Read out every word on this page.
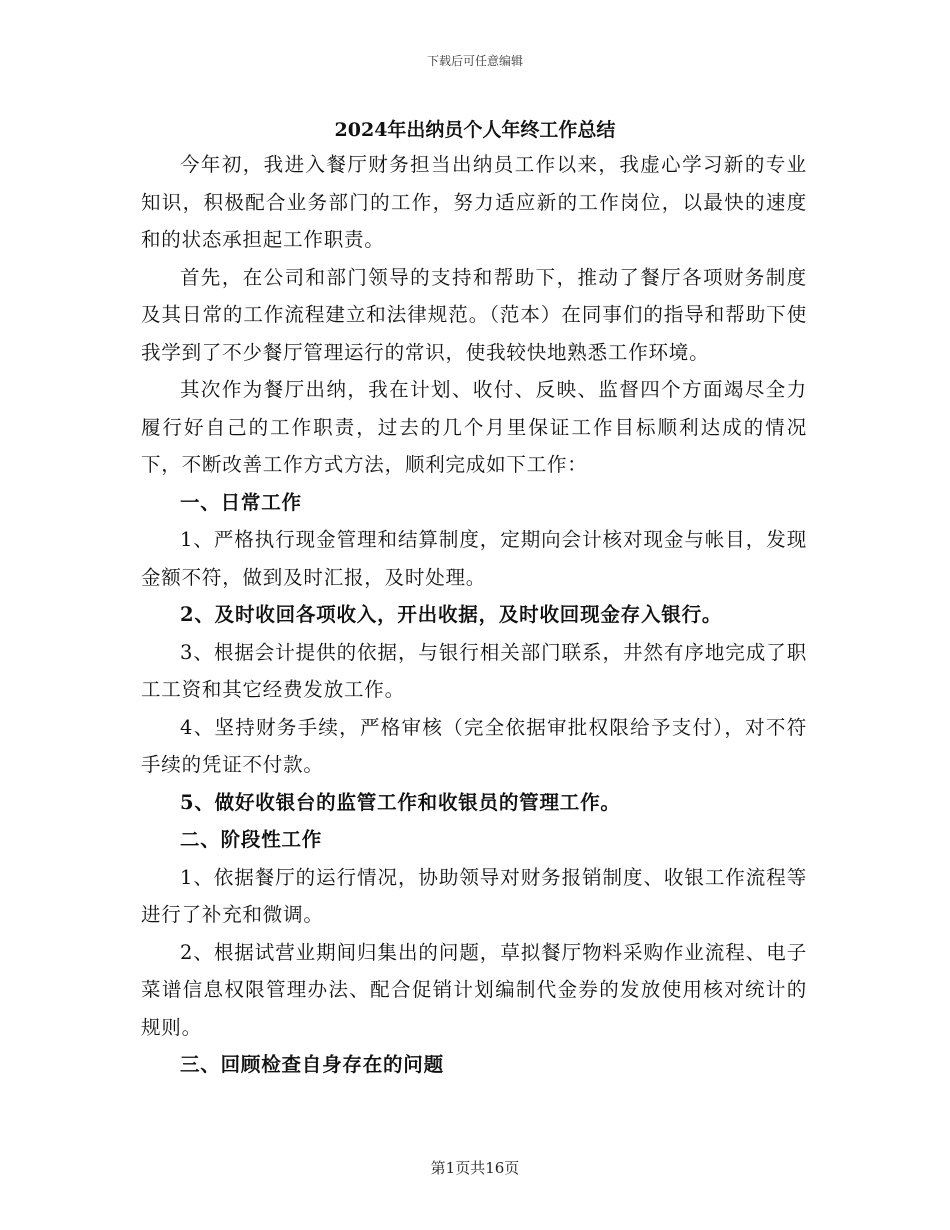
下载后可任意编辑
2024年出纳员个人年终工作总结

今年初，我进入餐厅财务担当出纳员工作以来，我虚心学习新的专业知识，积极配合业务部门的工作，努力适应新的工作岗位，以最快的速度和的状态承担起工作职责。

首先，在公司和部门领导的支持和帮助下，推动了餐厅各项财务制度及其日常的工作流程建立和法律规范。（范本）在同事们的指导和帮助下使我学到了不少餐厅管理运行的常识，使我较快地熟悉工作环境。

其次作为餐厅出纳，我在计划、收付、反映、监督四个方面竭尽全力履行好自己的工作职责，过去的几个月里保证工作目标顺利达成的情况下，不断改善工作方式方法，顺利完成如下工作：

一、日常工作

1、严格执行现金管理和结算制度，定期向会计核对现金与帐目，发现金额不符，做到及时汇报，及时处理。

2、及时收回各项收入，开出收据，及时收回现金存入银行。

3、根据会计提供的依据，与银行相关部门联系，井然有序地完成了职工工资和其它经费发放工作。

4、坚持财务手续，严格审核（完全依据审批权限给予支付），对不符手续的凭证不付款。

5、做好收银台的监管工作和收银员的管理工作。

二、阶段性工作

1、依据餐厅的运行情况，协助领导对财务报销制度、收银工作流程等进行了补充和微调。

2、根据试营业期间归集出的问题，草拟餐厅物料采购作业流程、电子菜谱信息权限管理办法、配合促销计划编制代金券的发放使用核对统计的规则。

三、回顾检查自身存在的问题

第1页共16页
